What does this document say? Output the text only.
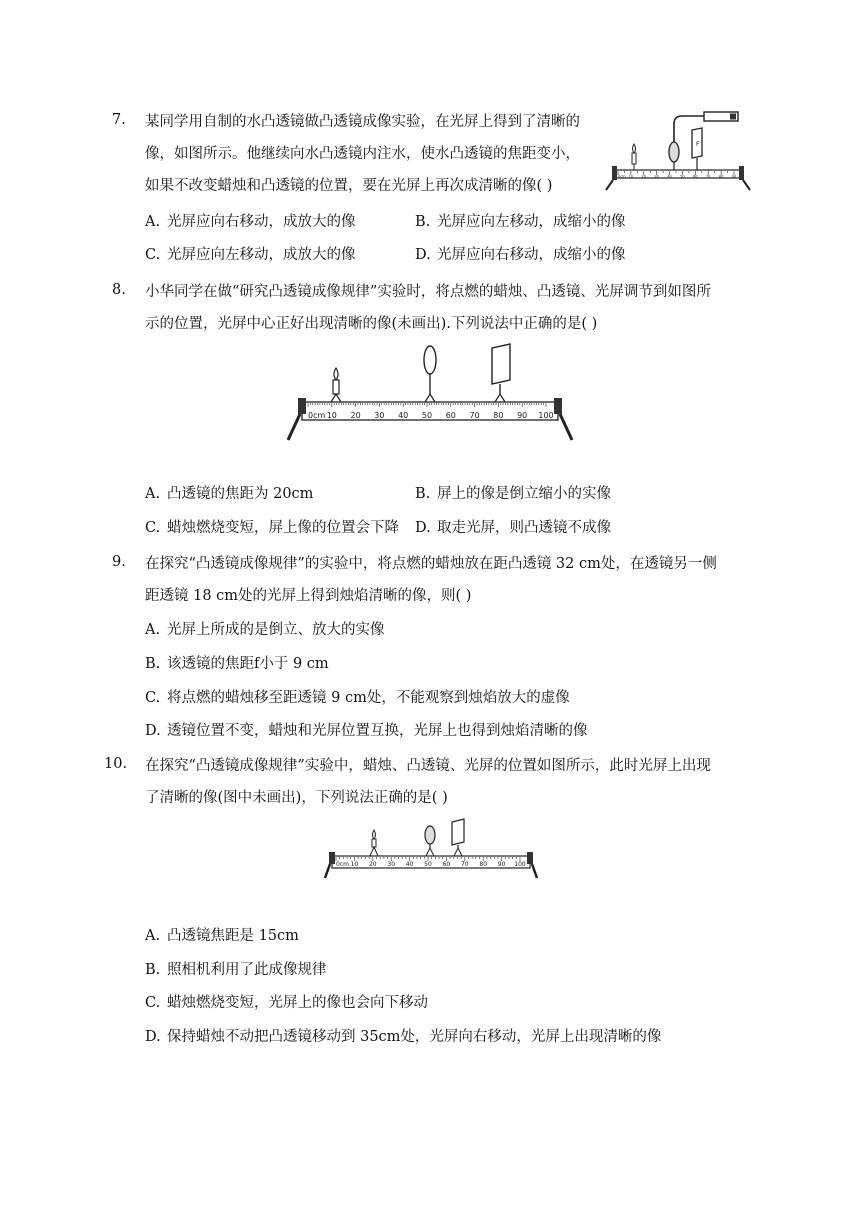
7. 某同学用自制的水凸透镜做凸透镜成像实验，在光屏上得到了清晰的
像，如图所示。他继续向水凸透镜内注水，使水凸透镜的焦距变小，
如果不改变蜡烛和凸透镜的位置，要在光屏上再次成清晰的像( )
A. 光屏应向右移动，成放大的像	B. 光屏应向左移动，成缩小的像
C. 光屏应向左移动，成放大的像	D. 光屏应向右移动，成缩小的像
F
0cm 10 20 30 40 50 60 70 80 90
8. 小华同学在做“研究凸透镜成像规律”实验时，将点燃的蜡烛、凸透镜、光屏调节到如图所
示的位置，光屏中心正好出现清晰的像(未画出).下列说法中正确的是( )
0cm 10 20 30 40 50 60 70 80 90 100
A. 凸透镜的焦距为 20cm	B. 屏上的像是倒立缩小的实像
C. 蜡烛燃烧变短，屏上像的位置会下降 D. 取走光屏，则凸透镜不成像
9. 在探究“凸透镜成像规律”的实验中，将点燃的蜡烛放在距凸透镜 32 cm处，在透镜另一侧
距透镜 18 cm处的光屏上得到烛焰清晰的像，则( )
A. 光屏上所成的是倒立、放大的实像
B. 该透镜的焦距f小于 9 cm
C. 将点燃的蜡烛移至距透镜 9 cm处，不能观察到烛焰放大的虚像
D. 透镜位置不变，蜡烛和光屏位置互换，光屏上也得到烛焰清晰的像
10. 在探究“凸透镜成像规律”实验中，蜡烛、凸透镜、光屏的位置如图所示，此时光屏上出现
了清晰的像(图中未画出)，下列说法正确的是( )
0cm 10 20 30 40 50 60 70 80 90 100
A. 凸透镜焦距是 15cm
B. 照相机利用了此成像规律
C. 蜡烛燃烧变短，光屏上的像也会向下移动
D. 保持蜡烛不动把凸透镜移动到 35cm处，光屏向右移动，光屏上出现清晰的像
